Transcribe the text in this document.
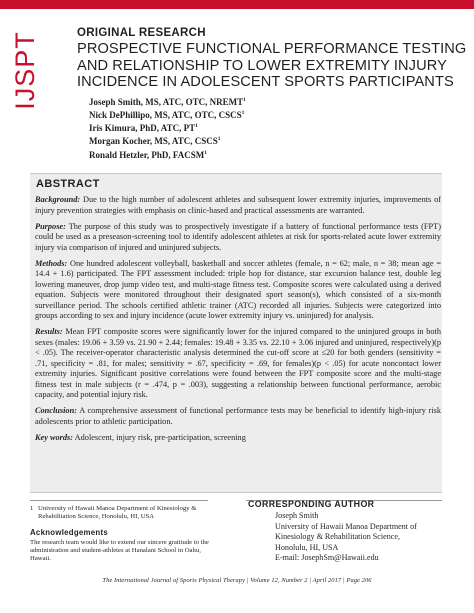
IJSPT	ORIGINAL RESEARCH
PROSPECTIVE FUNCTIONAL PERFORMANCE TESTING
AND RELATIONSHIP TO LOWER EXTREMITY INJURY
INCIDENCE IN ADOLESCENT SPORTS PARTICIPANTS
Joseph Smith, MS, ATC, OTC, NREMT$^1$
Nick DePhillipo, MS, ATC, OTC, CSCS$^1$
Iris Kimura, PhD, ATC, $PT^1$
Morgan Kocher, MS, ATC, CSCS$^1$
Ronald Hetzler, PhD, FACSM$^1$
ABSTRACT

Background: Due to the high number of adolescent athletes and subsequent lower extremity injuries, improvements of injury prevention strategies with emphasis on clinic-based and practical assessments are warranted.

Purpose: The purpose of this study was to prospectively investigate if a battery of functional performance tests (FPT) could be used as a preseason-screening tool to identify adolescent athletes at risk for sports-related acute lower extremity injury via comparison of injured and uninjured subjects.

Methods: One hundred adolescent volleyball, basketball and soccer athletes (female, n = 62; male, n = 38; mean age = 14.4 + 1.6) participated. The FPT assessment included: triple hop for distance, star excursion balance test, double leg lowering maneuver, drop jump video test, and multi-stage fitness test. Composite scores were calculated using a derived equation. Subjects were monitored throughout their designated sport season(s), which consisted of a six-month surveillance period. The schools certified athletic trainer (ATC) recorded all injuries. Subjects were categorized into groups according to sex and injury incidence (acute lower extremity injury vs. uninjured) for analysis.

Results: Mean FPT composite scores were significantly lower for the injured compared to the uninjured groups in both sexes (males: 19.06 + 3.59 vs. 21.90 + 2.44; females: 19.48 + 3.35 vs. 22.10 + 3.06 injured and uninjured, respectively)(p < .05). The receiver-operator characteristic analysis determined the cut-off score at ≤20 for both genders (sensitivity = .71, specificity = .81, for males; sensitivity = .67, specificity = .69, for females)(p < .05) for acute noncontact lower extremity injuries. Significant positive correlations were found between the FPT composite score and the multi-stage fitness test in male subjects (r = .474, p = .003), suggesting a relationship between functional performance, aerobic capacity, and potential injury risk.

Conclusion: A comprehensive assessment of functional performance tests may be beneficial to identify high-injury risk adolescents prior to athletic participation.

Key words: Adolescent, injury risk, pre-participation, screening

1 University of Hawaii Manoa Department of Kinesiology & Rehabilitation Science, Honolulu, HI, USA
Acknowledgements
The research team would like to extend our sincere gratitude to the administration and student-athletes at Hanalani School in Oahu, Hawaii.
CORRESPONDING AUTHOR
Joseph Smith
University of Hawaii Manoa Department of
Kinesiology & Rehabilitation Science,
Honolulu, HI, USA
E-mail: JosephSm@Hawaii.edu
The International Journal of Sports Physical Therapy | Volume 12, Number 2 | April 2017 | Page 206
